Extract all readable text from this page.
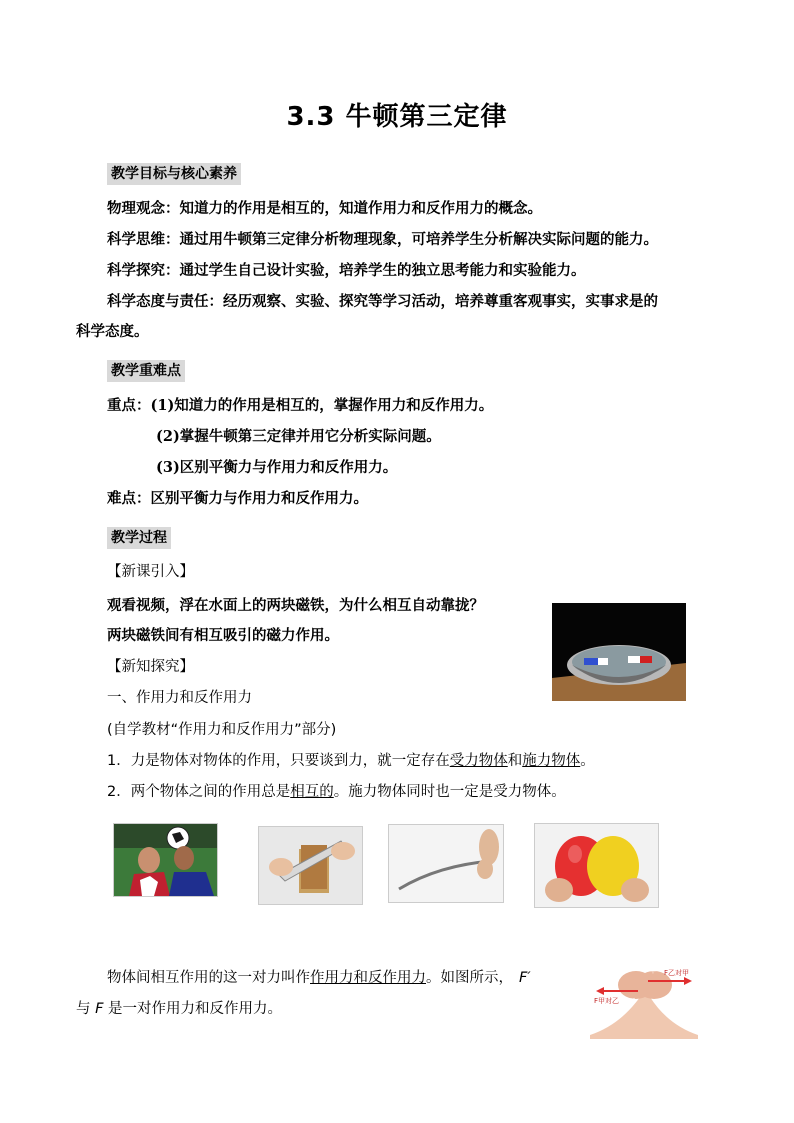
3.3 牛顿第三定律
教学目标与核心素养
物理观念：知道力的作用是相互的，知道作用力和反作用力的概念。
科学思维：通过用牛顿第三定律分析物理现象，可培养学生分析解决实际问题的能力。
科学探究：通过学生自己设计实验，培养学生的独立思考能力和实验能力。
科学态度与责任：经历观察、实验、探究等学习活动，培养尊重客观事实，实事求是的
科学态度。
教学重难点
重点：(1)知道力的作用是相互的，掌握作用力和反作用力。
(2)掌握牛顿第三定律并用它分析实际问题。
(3)区别平衡力与作用力和反作用力。
难点：区别平衡力与作用力和反作用力。
教学过程
【新课引入】
观看视频，浮在水面上的两块磁铁，为什么相互自动靠拢？
两块磁铁间有相互吸引的磁力作用。
【新知探究】
一、作用力和反作用力
(自学教材“作用力和反作用力”部分)
1．力是物体对物体的作用，只要谈到力，就一定存在受力物体和施力物体。
2．两个物体之间的作用总是相互的。施力物体同时也一定是受力物体。
物体间相互作用的这一对力叫作作用力和反作用力。如图所示， F′
与 F 是一对作用力和反作用力。	F甲对乙
F乙对甲
甲
乙
